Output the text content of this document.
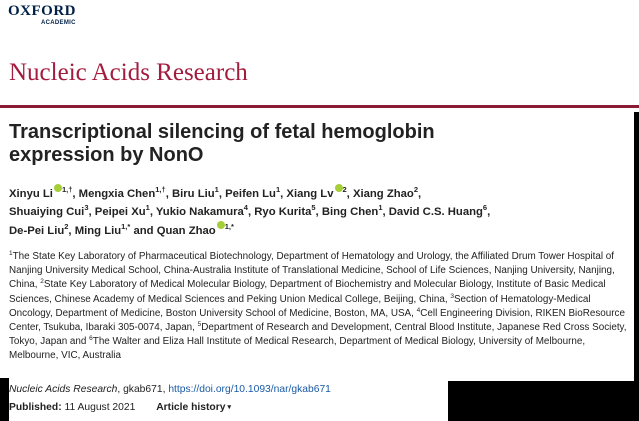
OXFORD
ACADEMIC
Nucleic Acids Research
Transcriptional silencing of fetal hemoglobin
expression by NonO
Xinyu Li $^{1,\dagger}$, Mengxia Chen$^{1,\dagger}$, Biru Liu$^1$, Peifen Lu$^1$, Xiang Lv $^2$, Xiang Zhao$^2$,
Shuaiying Cui$^3$, Peipei Xu$^1$, Yukio Nakamura$^4$, Ryo Kurita$^5$, Bing Chen$^1$, David C.S. Huang$^6$,
De-Pei Liu$^2$, Ming Liu$^{1,*}$ and Quan Zhao $^{1,*}$
$^1$The State Key Laboratory of Pharmaceutical Biotechnology, Department of Hematology and Urology, the Affiliated Drum Tower Hospital of Nanjing University Medical School, China-Australia Institute of Translational Medicine, School of Life Sciences, Nanjing University, Nanjing, China, $^2$State Key Laboratory of Medical Molecular Biology, Department of Biochemistry and Molecular Biology, Institute of Basic Medical Sciences, Chinese Academy of Medical Sciences and Peking Union Medical College, Beijing, China, $^3$Section of Hematology-Medical Oncology, Department of Medicine, Boston University School of Medicine, Boston, MA, USA, $^4$Cell Engineering Division, RIKEN BioResource Center, Tsukuba, Ibaraki 305-0074, Japan, $^5$Department of Research and Development, Central Blood Institute, Japanese Red Cross Society, Tokyo, Japan and $^6$The Walter and Eliza Hall Institute of Medical Research, Department of Medical Biology, University of Melbourne, Melbourne, VIC, Australia
Nucleic Acids Research, gkab671, https://doi.org/10.1093/nar/gkab671
Published: 11 August 2021 Article history ▾
